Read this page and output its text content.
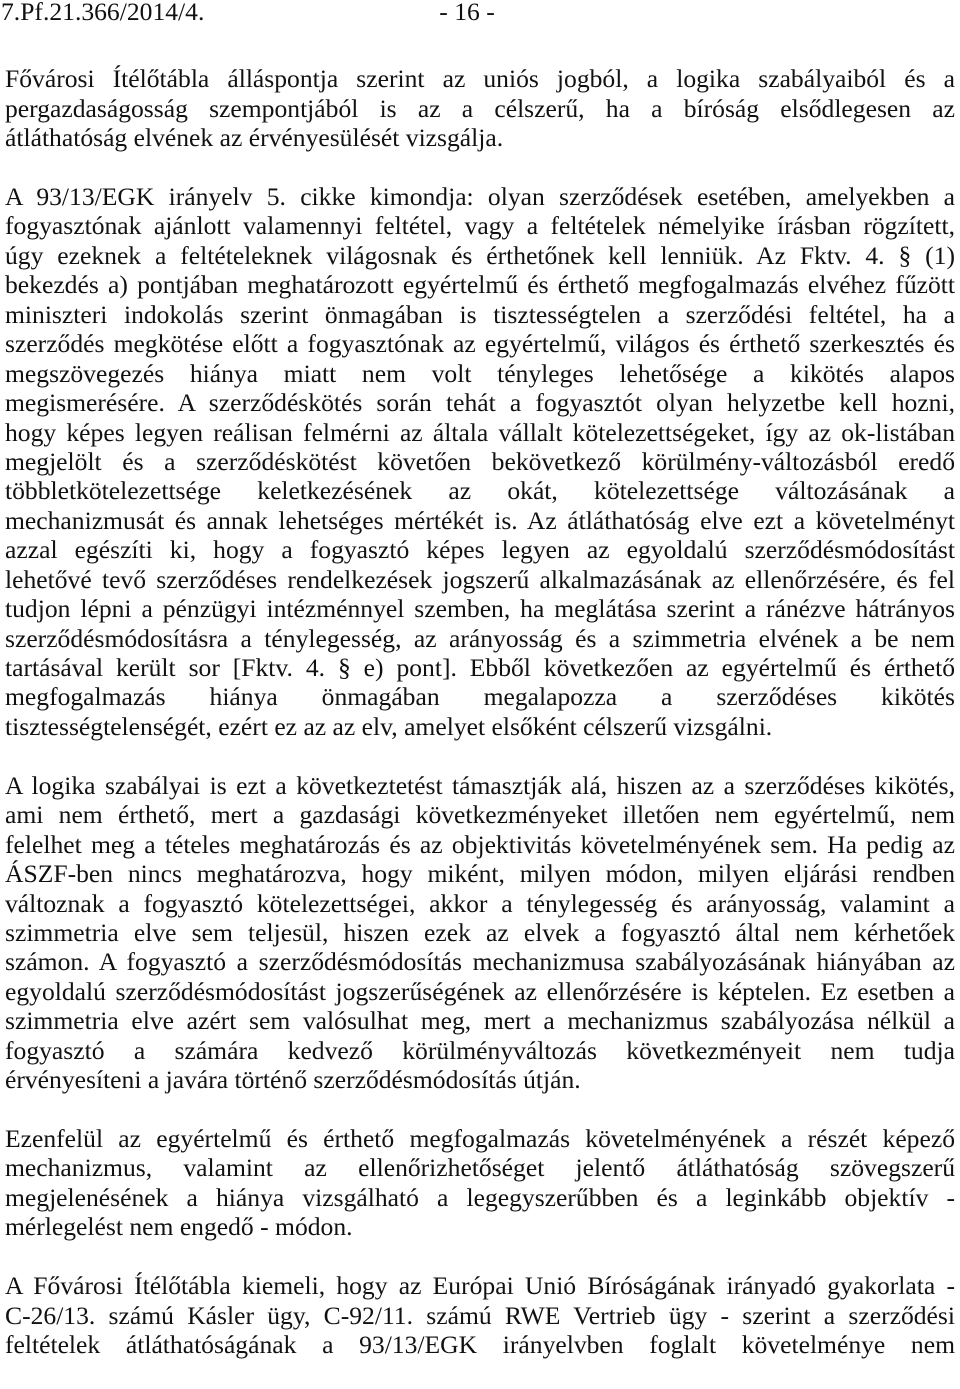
7.Pf.21.366/2014/4.	- 16 -
Fővárosi Ítélőtábla álláspontja szerint az uniós jogból, a logika szabályaiból és a
pergazdaságosság szempontjából is az a célszerű, ha a bíróság elsődlegesen az
átláthatóság elvének az érvényesülését vizsgálja.
A 93/13/EGK irányelv 5. cikke kimondja: olyan szerződések esetében, amelyekben a
fogyasztónak ajánlott valamennyi feltétel, vagy a feltételek némelyike írásban rögzített,
úgy ezeknek a feltételeknek világosnak és érthetőnek kell lenniük. Az Fktv. 4. § (1)
bekezdés a) pontjában meghatározott egyértelmű és érthető megfogalmazás elvéhez fűzött
miniszteri indokolás szerint önmagában is tisztességtelen a szerződési feltétel, ha a
szerződés megkötése előtt a fogyasztónak az egyértelmű, világos és érthető szerkesztés és
megszövegezés hiánya miatt nem volt tényleges lehetősége a kikötés alapos
megismerésére. A szerződéskötés során tehát a fogyasztót olyan helyzetbe kell hozni,
hogy képes legyen reálisan felmérni az általa vállalt kötelezettségeket, így az ok-listában
megjelölt és a szerződéskötést követően bekövetkező körülmény-változásból eredő
többletkötelezettsége keletkezésének az okát, kötelezettsége változásának a
mechanizmusát és annak lehetséges mértékét is. Az átláthatóság elve ezt a követelményt
azzal egészíti ki, hogy a fogyasztó képes legyen az egyoldalú szerződésmódosítást
lehetővé tevő szerződéses rendelkezések jogszerű alkalmazásának az ellenőrzésére, és fel
tudjon lépni a pénzügyi intézménnyel szemben, ha meglátása szerint a ránézve hátrányos
szerződésmódosításra a ténylegesség, az arányosság és a szimmetria elvének a be nem
tartásával került sor [Fktv. 4. § e) pont]. Ebből következően az egyértelmű és érthető
megfogalmazás hiánya önmagában megalapozza a szerződéses kikötés
tisztességtelenségét, ezért ez az az elv, amelyet elsőként célszerű vizsgálni.
A logika szabályai is ezt a következtetést támasztják alá, hiszen az a szerződéses kikötés,
ami nem érthető, mert a gazdasági következményeket illetően nem egyértelmű, nem
felelhet meg a tételes meghatározás és az objektivitás követelményének sem. Ha pedig az
ÁSZF-ben nincs meghatározva, hogy miként, milyen módon, milyen eljárási rendben
változnak a fogyasztó kötelezettségei, akkor a ténylegesség és arányosság, valamint a
szimmetria elve sem teljesül, hiszen ezek az elvek a fogyasztó által nem kérhetőek
számon. A fogyasztó a szerződésmódosítás mechanizmusa szabályozásának hiányában az
egyoldalú szerződésmódosítást jogszerűségének az ellenőrzésére is képtelen. Ez esetben a
szimmetria elve azért sem valósulhat meg, mert a mechanizmus szabályozása nélkül a
fogyasztó a számára kedvező körülményváltozás következményeit nem tudja
érvényesíteni a javára történő szerződésmódosítás útján.
Ezenfelül az egyértelmű és érthető megfogalmazás követelményének a részét képező
mechanizmus, valamint az ellenőrizhetőséget jelentő átláthatóság szövegszerű
megjelenésének a hiánya vizsgálható a legegyszerűbben és a leginkább objektív -
mérlegelést nem engedő - módon.
A Fővárosi Ítélőtábla kiemeli, hogy az Európai Unió Bíróságának irányadó gyakorlata -
C-26/13. számú Kásler ügy, C-92/11. számú RWE Vertrieb ügy - szerint a szerződési
feltételek átláthatóságának a 93/13/EGK irányelvben foglalt követelménye nem
